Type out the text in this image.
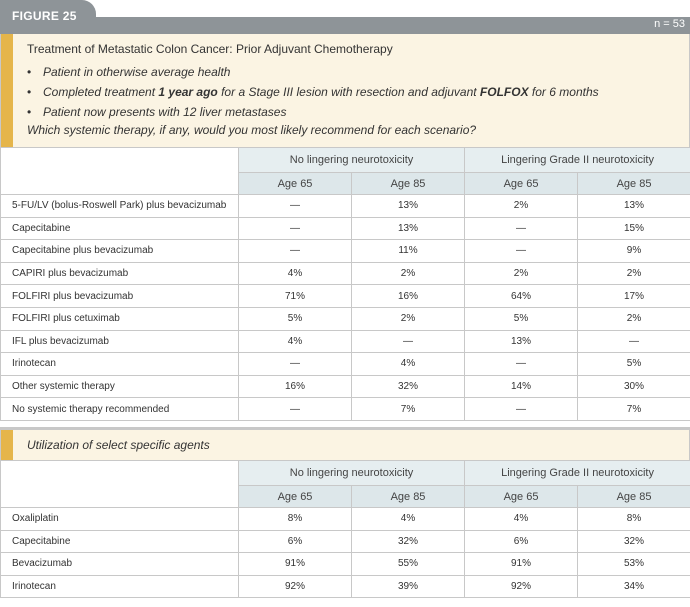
n = 53
FIGURE 25
Treatment of Metastatic Colon Cancer: Prior Adjuvant Chemotherapy
• Patient in otherwise average health
• Completed treatment 1 year ago for a Stage III lesion with resection and adjuvant FOLFOX for 6 months
• Patient now presents with 12 liver metastases
Which systemic therapy, if any, would you most likely recommend for each scenario?
	No lingering neurotoxicity		Lingering Grade II neurotoxicity	
	Age 65	Age 85	Age 65	Age 85
5-FU/LV (bolus-Roswell Park) plus bevacizumab	—	13%	2%	13%
Capecitabine	—	13%	—	15%
Capecitabine plus bevacizumab	—	11%	—	9%
CAPIRI plus bevacizumab	4%	2%	2%	2%
FOLFIRI plus bevacizumab	71%	16%	64%	17%
FOLFIRI plus cetuximab	5%	2%	5%	2%
IFL plus bevacizumab	4%	—	13%	—
Irinotecan	—	4%	—	5%
Other systemic therapy	16%	32%	14%	30%
No systemic therapy recommended	—	7%	—	7%
Utilization of select specific agents
	No lingering neurotoxicity		Lingering Grade II neurotoxicity	
	Age 65	Age 85	Age 65	Age 85
Oxaliplatin	8%	4%	4%	8%
Capecitabine	6%	32%	6%	32%
Bevacizumab	91%	55%	91%	53%
Irinotecan	92%	39%	92%	34%
